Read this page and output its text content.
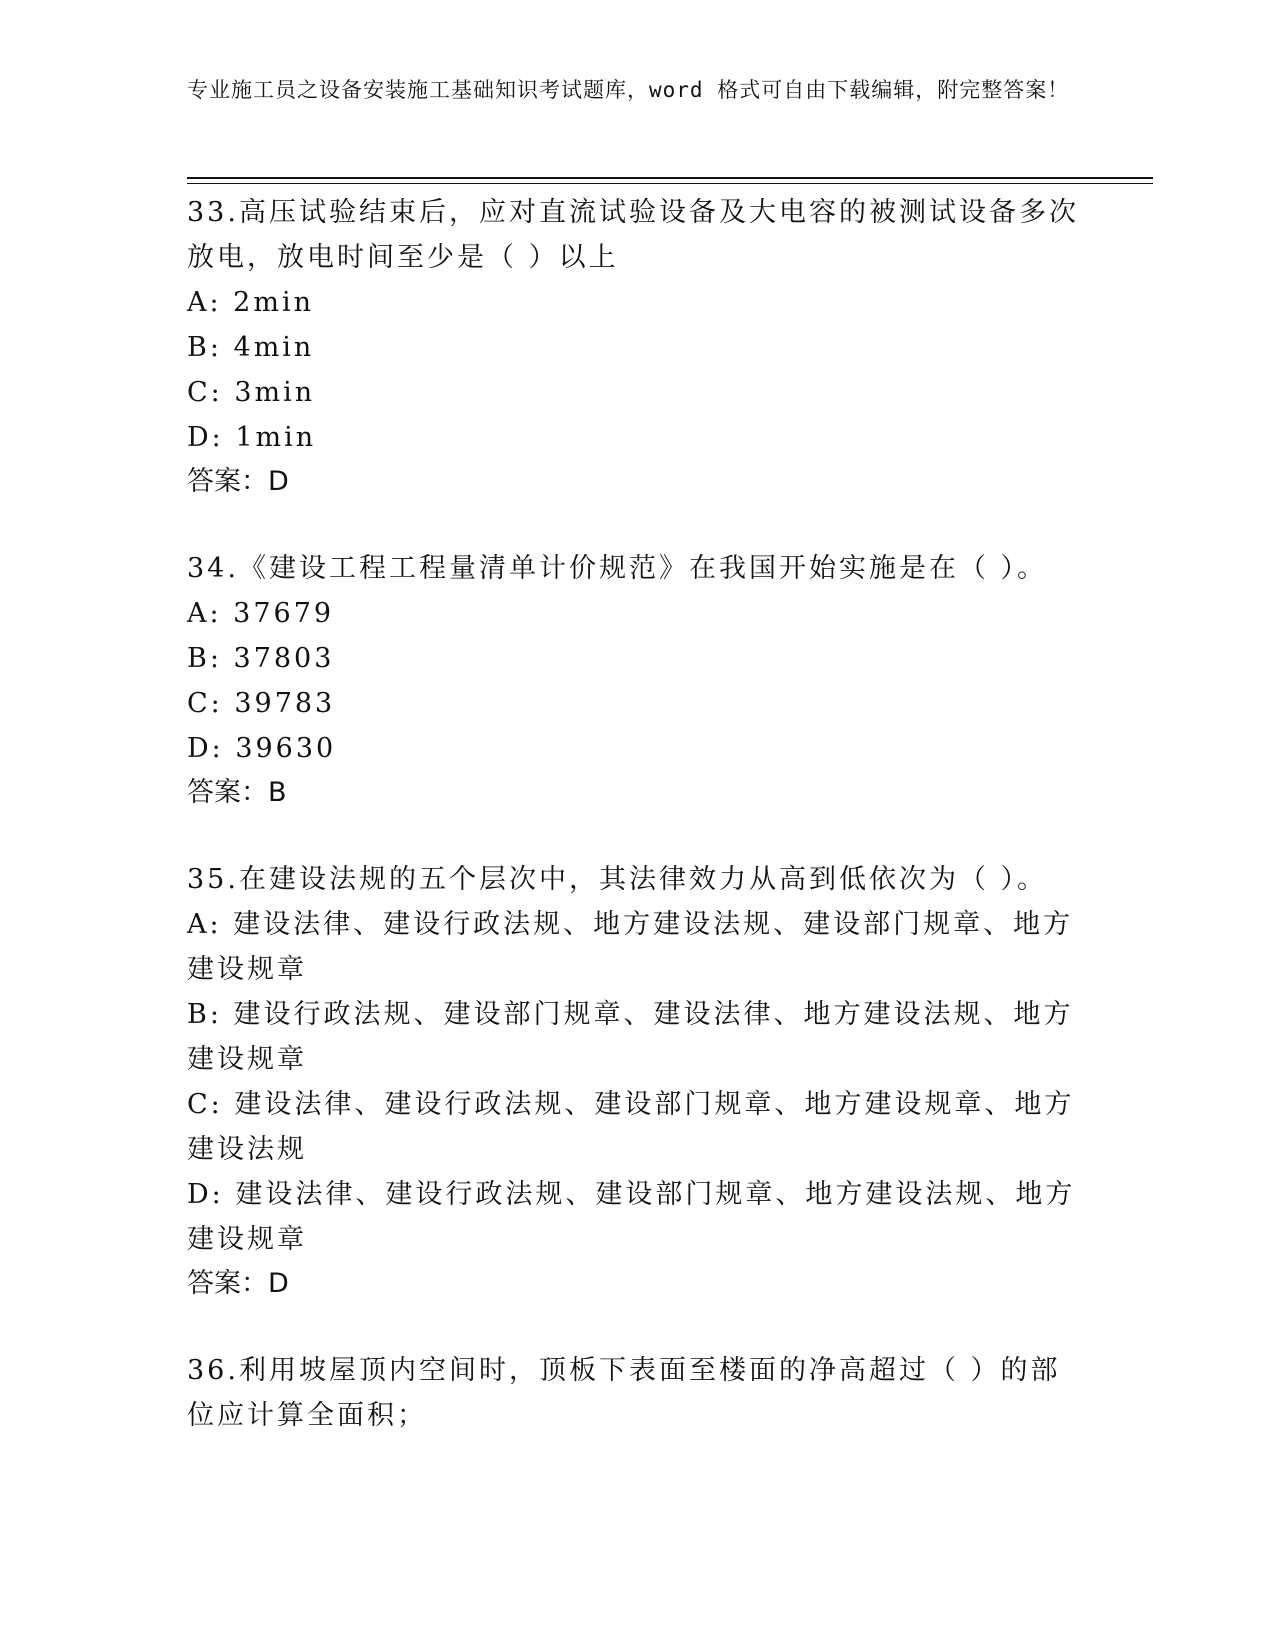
专业施工员之设备安装施工基础知识考试题库，word 格式可自由下载编辑，附完整答案！

33.高压试验结束后，应对直流试验设备及大电容的被测试设备多次放电，放电时间至少是（ ）以上

A: 2min

B: 4min

C: 3min

D: 1min

答案：D

34.《建设工程工程量清单计价规范》在我国开始实施是在（ ）。

A: 37679

B: 37803

C: 39783

D: 39630

答案：B

35.在建设法规的五个层次中，其法律效力从高到低依次为（ ）。

A: 建设法律、建设行政法规、地方建设法规、建设部门规章、地方建设规章

B: 建设行政法规、建设部门规章、建设法律、地方建设法规、地方建设规章

C: 建设法律、建设行政法规、建设部门规章、地方建设规章、地方建设法规

D: 建设法律、建设行政法规、建设部门规章、地方建设法规、地方建设规章

答案：D

36.利用坡屋顶内空间时，顶板下表面至楼面的净高超过（ ）的部位应计算全面积；
